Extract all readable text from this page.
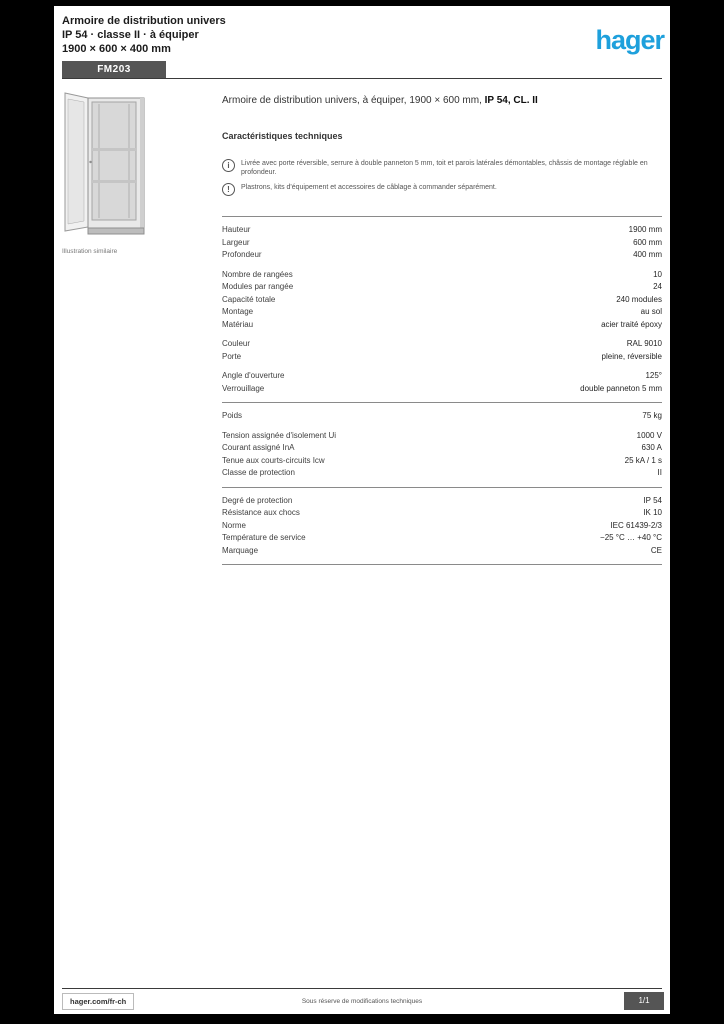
Armoire de distribution univers
IP 54 · classe II · à équiper
1900 × 600 × 400 mm
FM203
hager
Illustration similaire
Armoire de distribution univers, à équiper, 1900 × 600 mm, IP 54, CL. II
Caractéristiques techniques
i	Livrée avec porte réversible, serrure à double panneton 5 mm, toit et parois latérales démontables, châssis de montage réglable en profondeur.
!	Plastrons, kits d'équipement et accessoires de câblage à commander séparément.
Hauteur	1900 mm
Largeur	600 mm
Profondeur	400 mm
Nombre de rangées	10
Modules par rangée	24
Capacité totale	240 modules
Montage	au sol
Matériau	acier traité époxy
Couleur	RAL 9010
Porte	pleine, réversible
Angle d'ouverture	125°
Verrouillage	double panneton 5 mm
Poids	75 kg
Tension assignée d'isolement Ui	1000 V
Courant assigné InA	630 A
Tenue aux courts-circuits Icw	25 kA / 1 s
Classe de protection	II
Degré de protection	IP 54
Résistance aux chocs	IK 10
Norme	IEC 61439-2/3
Température de service	−25 °C … +40 °C
Marquage	CE
hager.com/fr-ch	Sous réserve de modifications techniques	1/1
